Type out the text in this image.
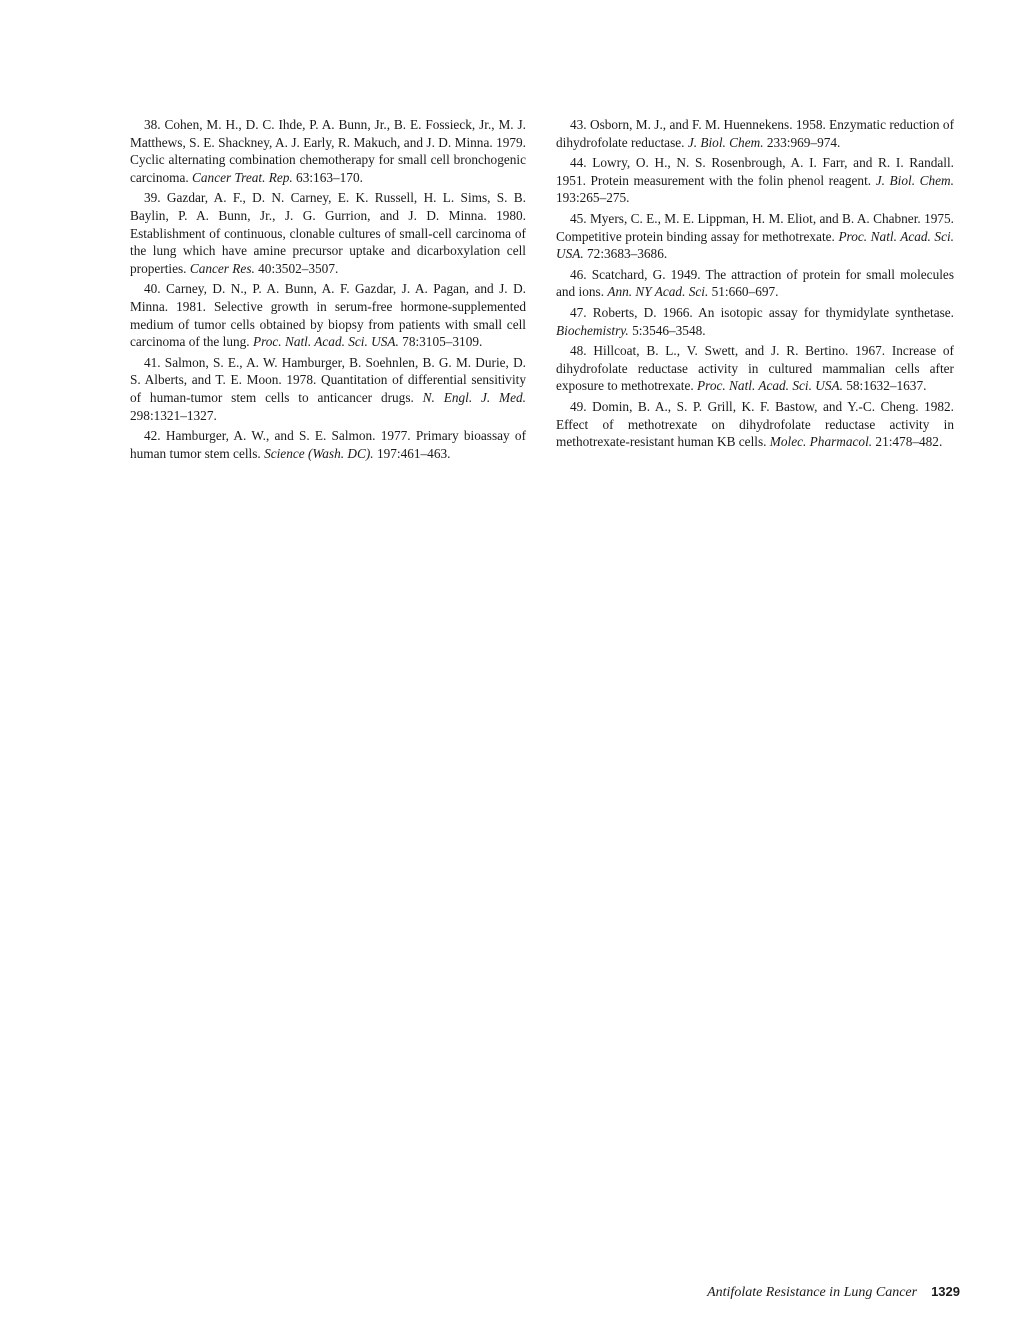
38. Cohen, M. H., D. C. Ihde, P. A. Bunn, Jr., B. E. Fossieck, Jr., M. J. Matthews, S. E. Shackney, A. J. Early, R. Makuch, and J. D. Minna. 1979. Cyclic alternating combination chemotherapy for small cell bronchogenic carcinoma. Cancer Treat. Rep. 63:163–170.

39. Gazdar, A. F., D. N. Carney, E. K. Russell, H. L. Sims, S. B. Baylin, P. A. Bunn, Jr., J. G. Gurrion, and J. D. Minna. 1980. Establishment of continuous, clonable cultures of small-cell carcinoma of the lung which have amine precursor uptake and dicarboxylation cell properties. Cancer Res. 40:3502–3507.

40. Carney, D. N., P. A. Bunn, A. F. Gazdar, J. A. Pagan, and J. D. Minna. 1981. Selective growth in serum-free hormone-supplemented medium of tumor cells obtained by biopsy from patients with small cell carcinoma of the lung. Proc. Natl. Acad. Sci. USA. 78:3105–3109.

41. Salmon, S. E., A. W. Hamburger, B. Soehnlen, B. G. M. Durie, D. S. Alberts, and T. E. Moon. 1978. Quantitation of differential sensitivity of human-tumor stem cells to anticancer drugs. N. Engl. J. Med. 298:1321–1327.

42. Hamburger, A. W., and S. E. Salmon. 1977. Primary bioassay of human tumor stem cells. Science (Wash. DC). 197:461–463.

43. Osborn, M. J., and F. M. Huennekens. 1958. Enzymatic reduction of dihydrofolate reductase. J. Biol. Chem. 233:969–974.

44. Lowry, O. H., N. S. Rosenbrough, A. I. Farr, and R. I. Randall. 1951. Protein measurement with the folin phenol reagent. J. Biol. Chem. 193:265–275.

45. Myers, C. E., M. E. Lippman, H. M. Eliot, and B. A. Chabner. 1975. Competitive protein binding assay for methotrexate. Proc. Natl. Acad. Sci. USA. 72:3683–3686.

46. Scatchard, G. 1949. The attraction of protein for small molecules and ions. Ann. NY Acad. Sci. 51:660–697.

47. Roberts, D. 1966. An isotopic assay for thymidylate synthetase. Biochemistry. 5:3546–3548.

48. Hillcoat, B. L., V. Swett, and J. R. Bertino. 1967. Increase of dihydrofolate reductase activity in cultured mammalian cells after exposure to methotrexate. Proc. Natl. Acad. Sci. USA. 58:1632–1637.

49. Domin, B. A., S. P. Grill, K. F. Bastow, and Y.-C. Cheng. 1982. Effect of methotrexate on dihydrofolate reductase activity in methotrexate-resistant human KB cells. Molec. Pharmacol. 21:478–482.

Antifolate Resistance in Lung Cancer 1329
